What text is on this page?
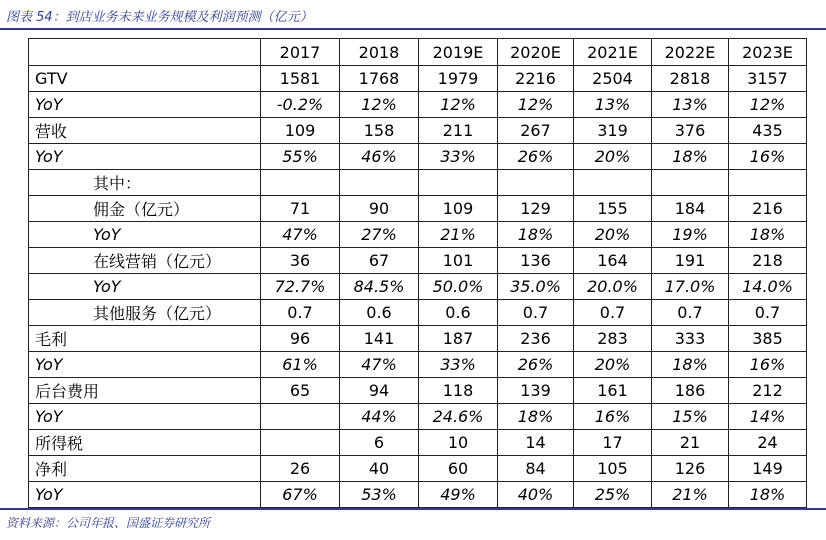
图表 54：到店业务未来业务规模及利润预测（亿元）
	2017	2018	2019E	2020E	2021E	2022E	2023E
GTV	1581	1768	1979	2216	2504	2818	3157
YoY	-0.2%	12%	12%	12%	13%	13%	12%
营收	109	158	211	267	319	376	435
YoY	55%	46%	33%	26%	20%	18%	16%
其中：							
佣金（亿元）	71	90	109	129	155	184	216
YoY	47%	27%	21%	18%	20%	19%	18%
在线营销（亿元）	36	67	101	136	164	191	218
YoY	72.7%	84.5%	50.0%	35.0%	20.0%	17.0%	14.0%
其他服务（亿元）	0.7	0.6	0.6	0.7	0.7	0.7	0.7
毛利	96	141	187	236	283	333	385
YoY	61%	47%	33%	26%	20%	18%	16%
后台费用	65	94	118	139	161	186	212
YoY		44%	24.6%	18%	16%	15%	14%
所得税		6	10	14	17	21	24
净利	26	40	60	84	105	126	149
YoY	67%	53%	49%	40%	25%	21%	18%
资料来源：公司年报、国盛证券研究所
